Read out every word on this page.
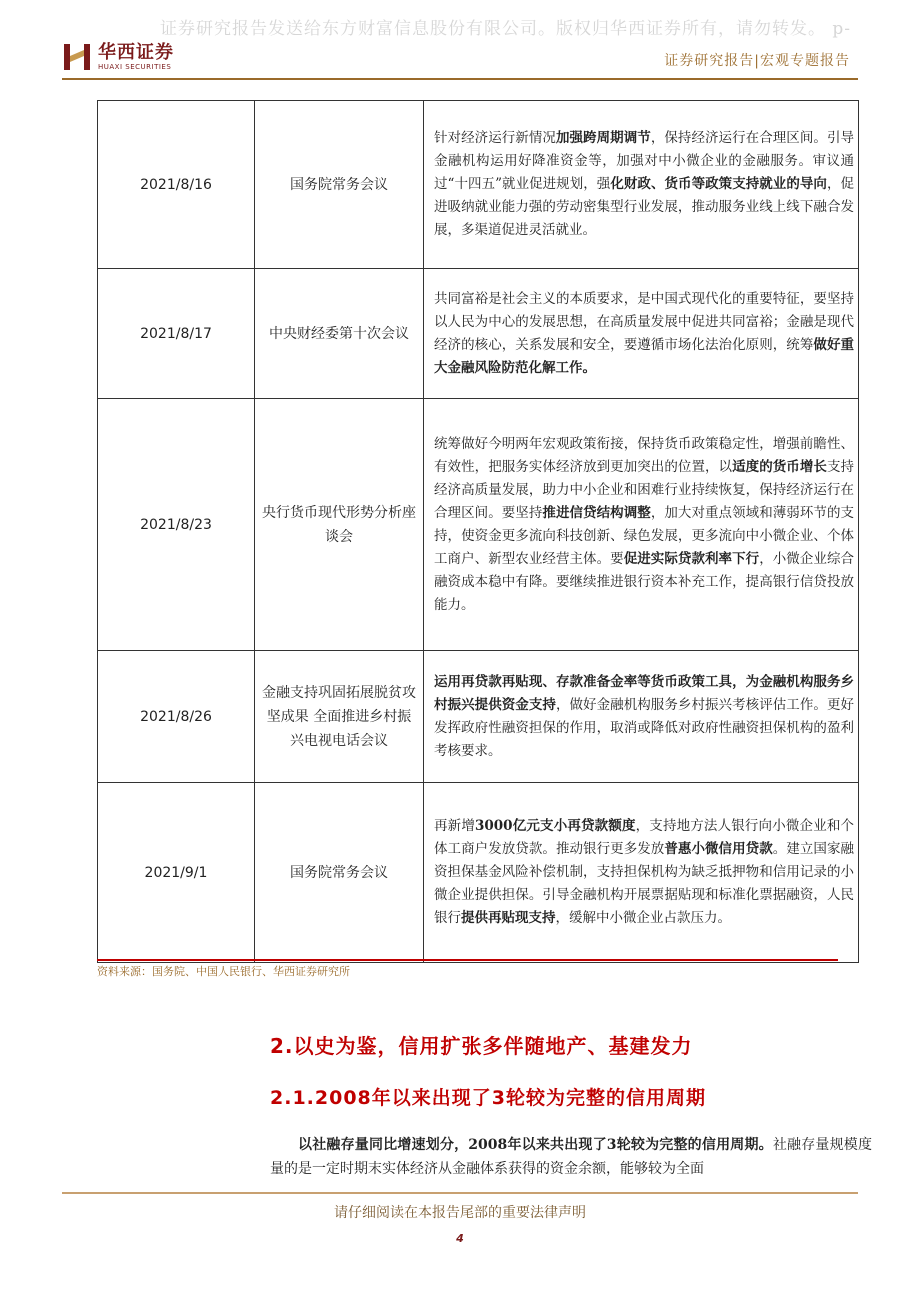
证券研究报告发送给东方财富信息股份有限公司。版权归华西证券所有，请勿转发。 p-
华西证券
HUAXI SECURITIES	证券研究报告|宏观专题报告
2021/8/16	国务院常务会议	针对经济运行新情况加强跨周期调节，保持经济运行在合理区间。引导金融机构运用好降准资金等，加强对中小微企业的金融服务。审议通过“十四五”就业促进规划，强化财政、货币等政策支持就业的导向，促进吸纳就业能力强的劳动密集型行业发展，推动服务业线上线下融合发展，多渠道促进灵活就业。
2021/8/17	中央财经委第十次会议	共同富裕是社会主义的本质要求，是中国式现代化的重要特征，要坚持以人民为中心的发展思想，在高质量发展中促进共同富裕；金融是现代经济的核心，关系发展和安全，要遵循市场化法治化原则，统筹做好重大金融风险防范化解工作。
2021/8/23	央行货币现代形势分析座谈会	统筹做好今明两年宏观政策衔接，保持货币政策稳定性，增强前瞻性、有效性，把服务实体经济放到更加突出的位置，以适度的货币增长支持经济高质量发展，助力中小企业和困难行业持续恢复，保持经济运行在合理区间。要坚持推进信贷结构调整，加大对重点领域和薄弱环节的支持，使资金更多流向科技创新、绿色发展，更多流向中小微企业、个体工商户、新型农业经营主体。要促进实际贷款利率下行，小微企业综合融资成本稳中有降。要继续推进银行资本补充工作，提高银行信贷投放能力。
2021/8/26	金融支持巩固拓展脱贫攻坚成果 全面推进乡村振兴电视电话会议	运用再贷款再贴现、存款准备金率等货币政策工具，为金融机构服务乡村振兴提供资金支持，做好金融机构服务乡村振兴考核评估工作。更好发挥政府性融资担保的作用，取消或降低对政府性融资担保机构的盈利考核要求。
2021/9/1	国务院常务会议	再新增3000亿元支小再贷款额度，支持地方法人银行向小微企业和个体工商户发放贷款。推动银行更多发放普惠小微信用贷款。建立国家融资担保基金风险补偿机制，支持担保机构为缺乏抵押物和信用记录的小微企业提供担保。引导金融机构开展票据贴现和标准化票据融资，人民银行提供再贴现支持，缓解中小微企业占款压力。
资料来源：国务院、中国人民银行、华西证券研究所
2.以史为鉴，信用扩张多伴随地产、基建发力
2.1.2008年以来出现了3轮较为完整的信用周期
以社融存量同比增速划分，2008年以来共出现了3轮较为完整的信用周期。社融存量规模度量的是一定时期末实体经济从金融体系获得的资金余额，能够较为全面
请仔细阅读在本报告尾部的重要法律声明
4
